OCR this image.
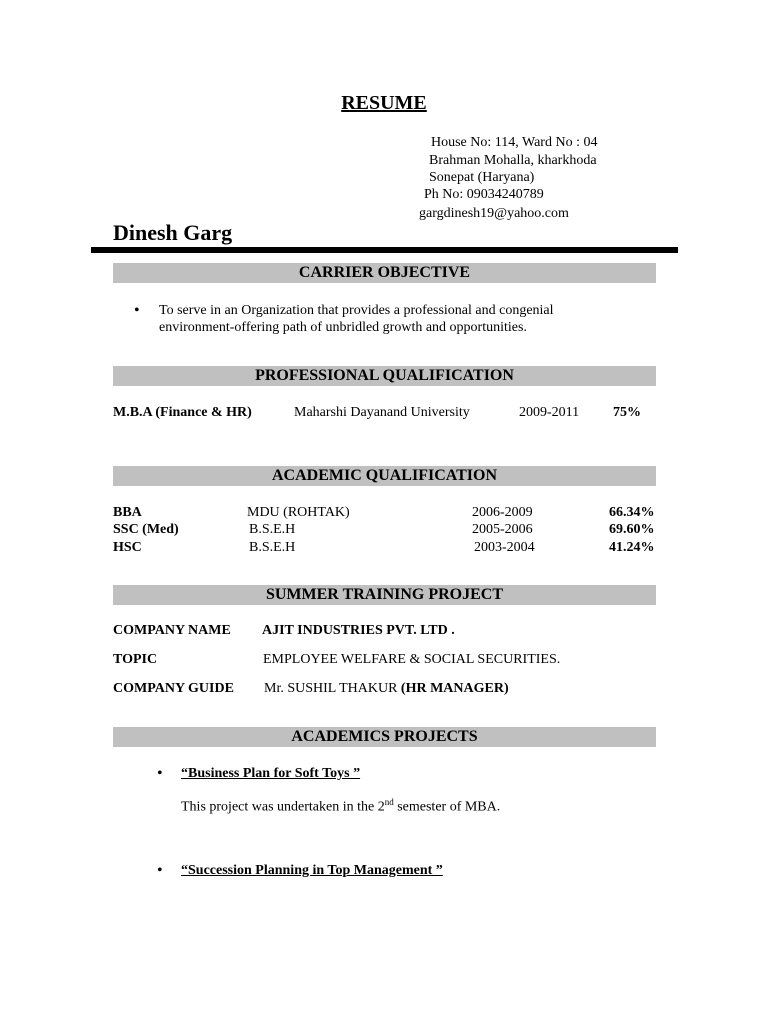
RESUME
House No: 114, Ward No : 04
Brahman Mohalla, kharkhoda
Sonepat (Haryana)
Ph No: 09034240789
gargdinesh19@yahoo.com
Dinesh Garg
CARRIER OBJECTIVE
• To serve in an Organization that provides a professional and congenial
environment-offering path of unbridled growth and opportunities.
PROFESSIONAL QUALIFICATION
M.B.A (Finance & HR)	Maharshi Dayanand University	2009-2011 75%
ACADEMIC QUALIFICATION
BBA	MDU (ROHTAK)	2006-2009	66.34%
SSC (Med)	B.S.E.H	2005-2006	69.60%
HSC	B.S.E.H	2003-2004	41.24%
SUMMER TRAINING PROJECT
COMPANY NAME AJIT INDUSTRIES PVT. LTD .
TOPIC	EMPLOYEE WELFARE & SOCIAL SECURITIES.
COMPANY GUIDE Mr. SUSHIL THAKUR (HR MANAGER)
ACADEMICS PROJECTS
• “Business Plan for Soft Toys ”
This project was undertaken in the 2nd semester of MBA.
• “Succession Planning in Top Management ”
